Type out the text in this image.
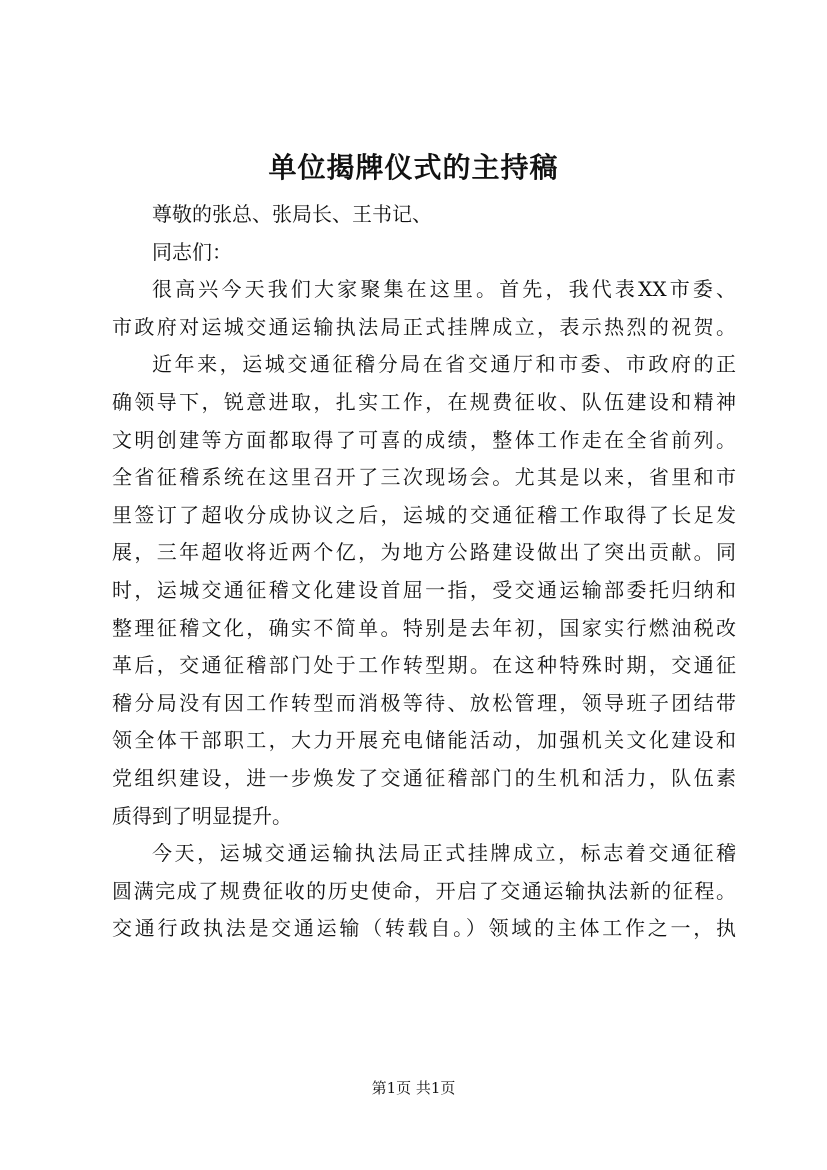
单位揭牌仪式的主持稿
尊敬的张总、张局长、王书记、
同志们：
很高兴今天我们大家聚集在这里。首先，我代表XX市委、
市政府对运城交通运输执法局正式挂牌成立，表示热烈的祝贺。
近年来，运城交通征稽分局在省交通厅和市委、市政府的正
确领导下，锐意进取，扎实工作，在规费征收、队伍建设和精神
文明创建等方面都取得了可喜的成绩，整体工作走在全省前列。
全省征稽系统在这里召开了三次现场会。尤其是以来，省里和市
里签订了超收分成协议之后，运城的交通征稽工作取得了长足发
展，三年超收将近两个亿，为地方公路建设做出了突出贡献。同
时，运城交通征稽文化建设首屈一指，受交通运输部委托归纳和
整理征稽文化，确实不简单。特别是去年初，国家实行燃油税改
革后，交通征稽部门处于工作转型期。在这种特殊时期，交通征
稽分局没有因工作转型而消极等待、放松管理，领导班子团结带
领全体干部职工，大力开展充电储能活动，加强机关文化建设和
党组织建设，进一步焕发了交通征稽部门的生机和活力，队伍素
质得到了明显提升。
今天，运城交通运输执法局正式挂牌成立，标志着交通征稽
圆满完成了规费征收的历史使命，开启了交通运输执法新的征程。
交通行政执法是交通运输（转载自。）领域的主体工作之一，执
第1页 共1页
